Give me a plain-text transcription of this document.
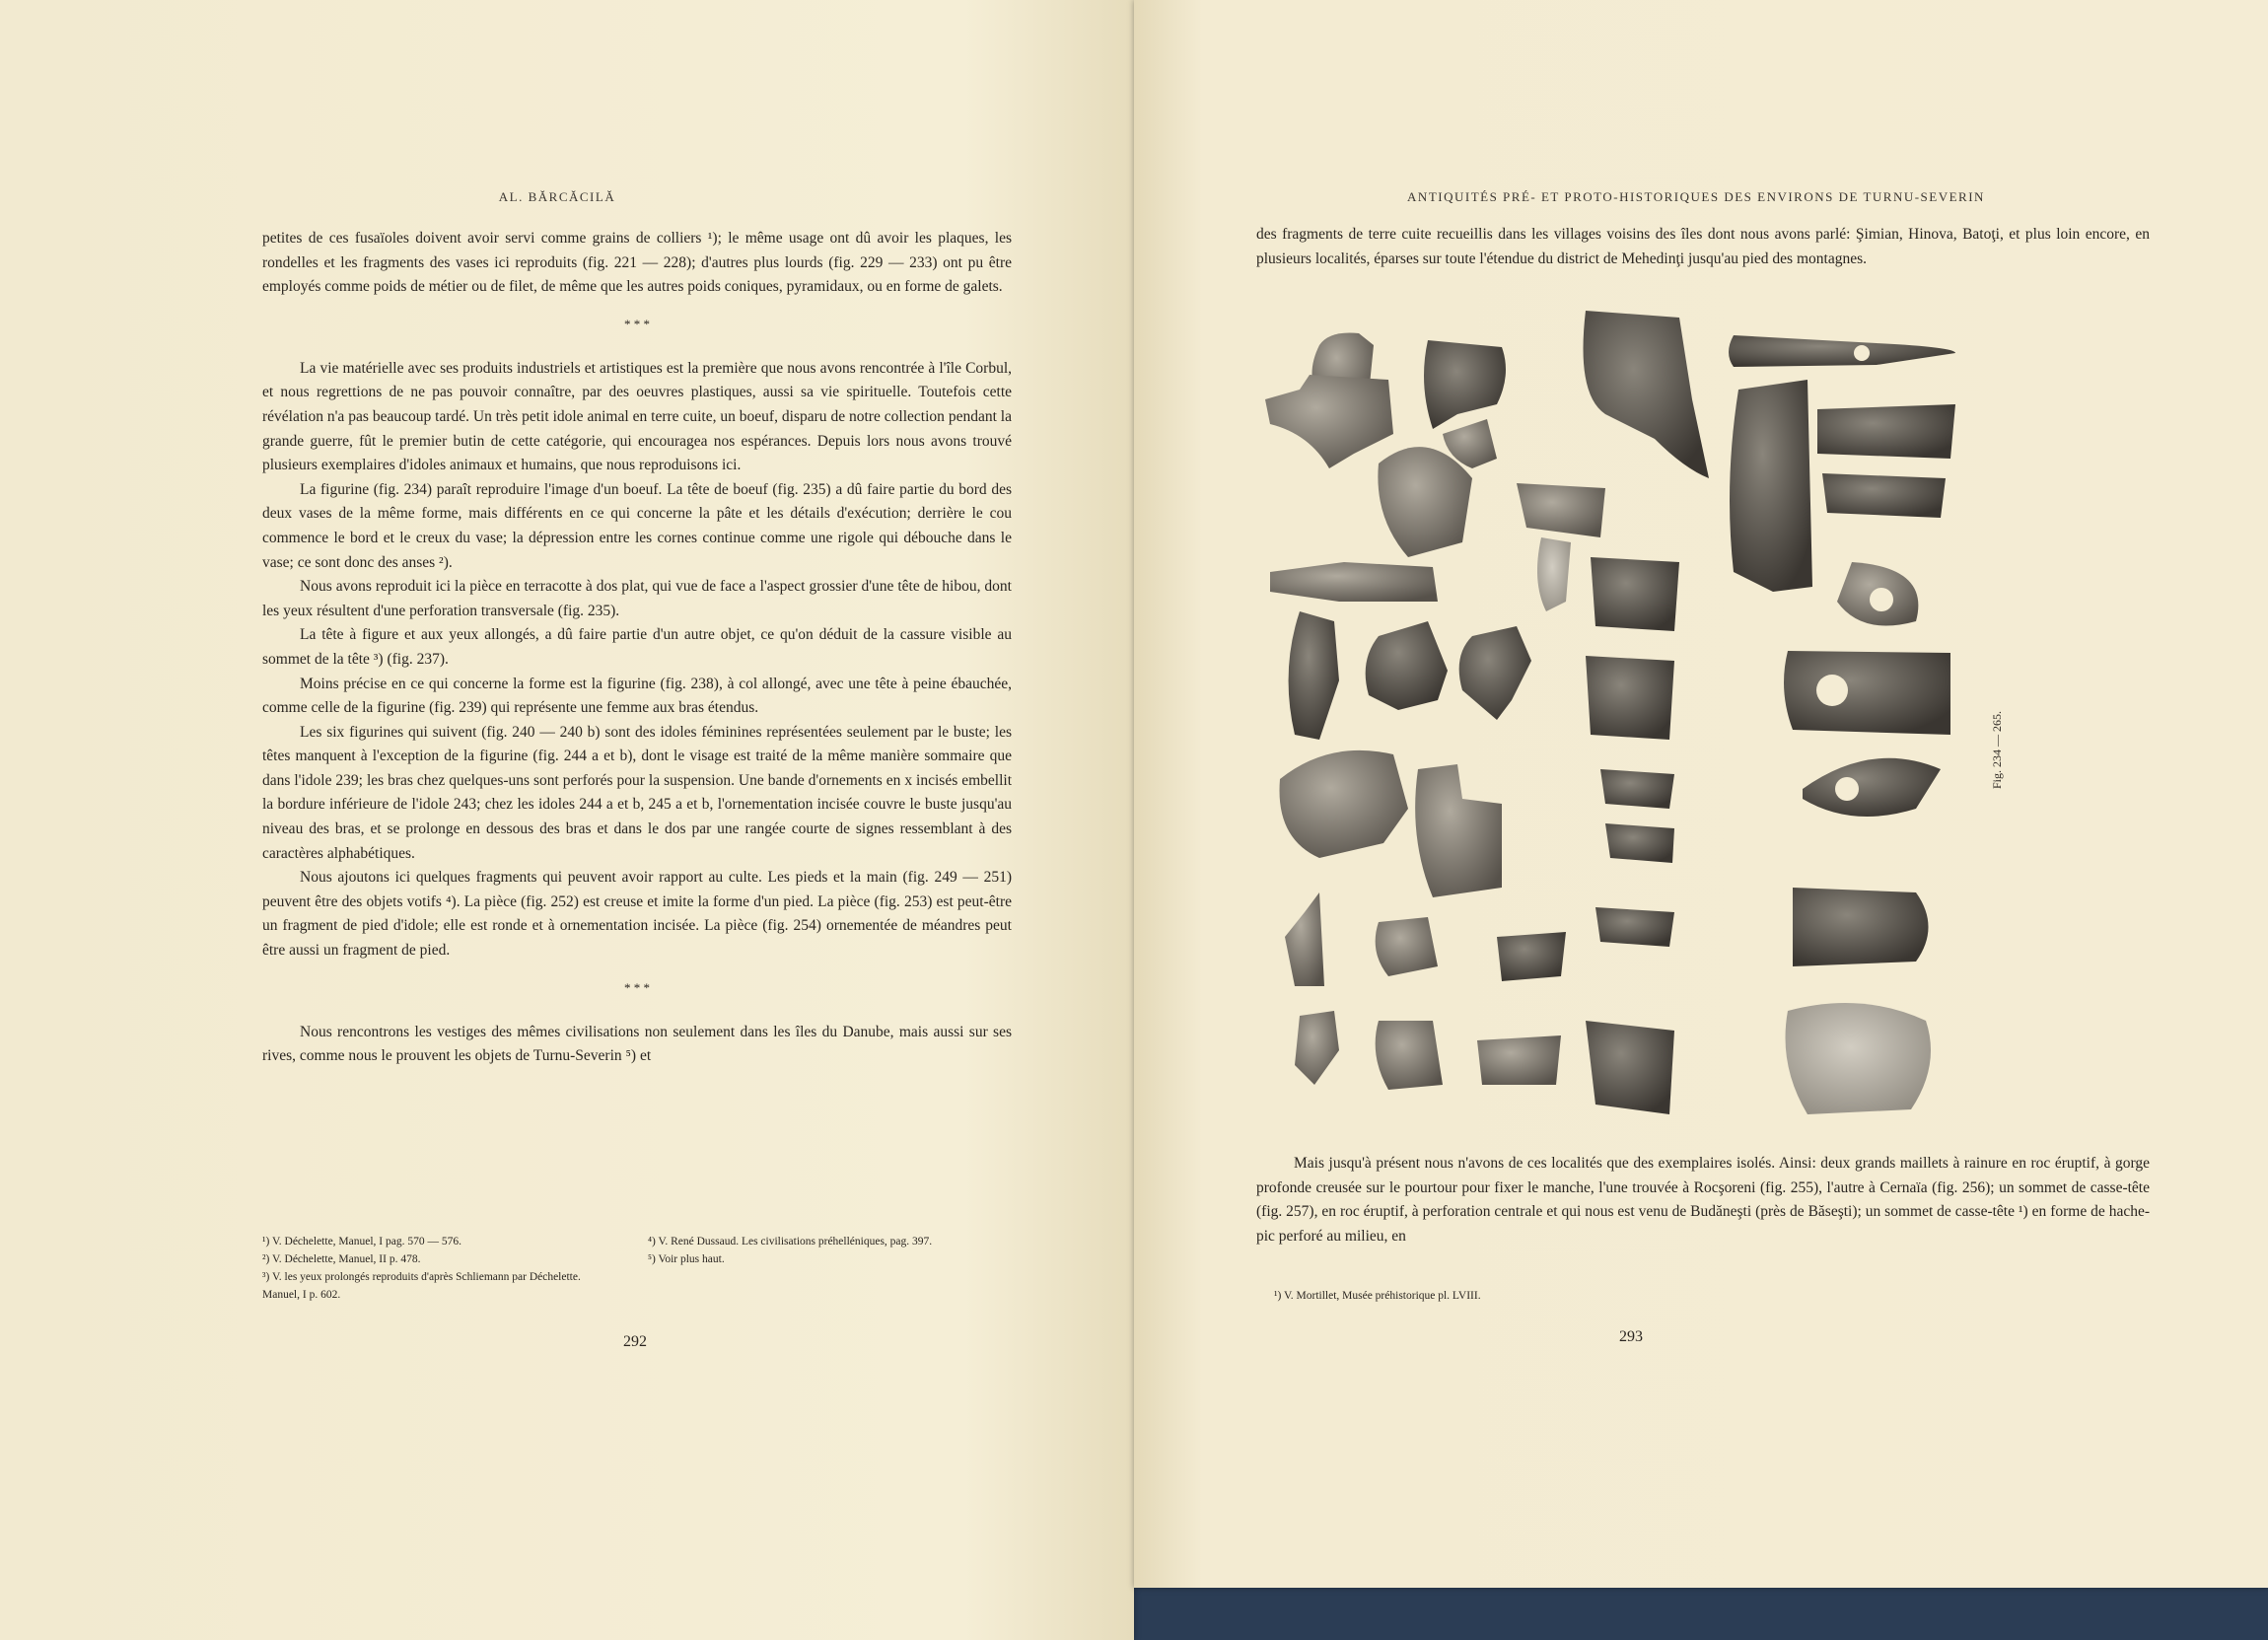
AL. BĂRCĂCILĂ

petites de ces fusaïoles doivent avoir servi comme grains de colliers ¹); le même usage ont dû avoir les plaques, les rondelles et les fragments des vases ici reproduits (fig. 221 — 228); d'autres plus lourds (fig. 229 — 233) ont pu être employés comme poids de métier ou de filet, de même que les autres poids coniques, pyramidaux, ou en forme de galets.

* * *

La vie matérielle avec ses produits industriels et artistiques est la première que nous avons rencontrée à l'île Corbul, et nous regrettions de ne pas pouvoir connaître, par des oeuvres plastiques, aussi sa vie spirituelle. Toutefois cette révélation n'a pas beaucoup tardé. Un très petit idole animal en terre cuite, un boeuf, disparu de notre collection pendant la grande guerre, fût le premier butin de cette catégorie, qui encouragea nos espérances. Depuis lors nous avons trouvé plusieurs exemplaires d'idoles animaux et humains, que nous reproduisons ici.

La figurine (fig. 234) paraît reproduire l'image d'un boeuf. La tête de boeuf (fig. 235) a dû faire partie du bord des deux vases de la même forme, mais différents en ce qui concerne la pâte et les détails d'exécution; derrière le cou commence le bord et le creux du vase; la dépression entre les cornes continue comme une rigole qui débouche dans le vase; ce sont donc des anses ²).

Nous avons reproduit ici la pièce en terracotte à dos plat, qui vue de face a l'aspect grossier d'une tête de hibou, dont les yeux résultent d'une perforation transversale (fig. 235).

La tête à figure et aux yeux allongés, a dû faire partie d'un autre objet, ce qu'on déduit de la cassure visible au sommet de la tête ³) (fig. 237).

Moins précise en ce qui concerne la forme est la figurine (fig. 238), à col allongé, avec une tête à peine ébauchée, comme celle de la figurine (fig. 239) qui représente une femme aux bras étendus.

Les six figurines qui suivent (fig. 240 — 240 b) sont des idoles féminines représentées seulement par le buste; les têtes manquent à l'exception de la figurine (fig. 244 a et b), dont le visage est traité de la même manière sommaire que dans l'idole 239; les bras chez quelques-uns sont perforés pour la suspension. Une bande d'ornements en x incisés embellit la bordure inférieure de l'idole 243; chez les idoles 244 a et b, 245 a et b, l'ornementation incisée couvre le buste jusqu'au niveau des bras, et se prolonge en dessous des bras et dans le dos par une rangée courte de signes ressemblant à des caractères alphabétiques.

Nous ajoutons ici quelques fragments qui peuvent avoir rapport au culte. Les pieds et la main (fig. 249 — 251) peuvent être des objets votifs ⁴). La pièce (fig. 252) est creuse et imite la forme d'un pied. La pièce (fig. 253) est peut-être un fragment de pied d'idole; elle est ronde et à ornementation incisée. La pièce (fig. 254) ornementée de méandres peut être aussi un fragment de pied.

* * *

Nous rencontrons les vestiges des mêmes civilisations non seulement dans les îles du Danube, mais aussi sur ses rives, comme nous le prouvent les objets de Turnu-Severin ⁵) et

¹) V. Déchelette, Manuel, I pag. 570 — 576.
²) V. Déchelette, Manuel, II p. 478.
³) V. les yeux prolongés reproduits d'après Schliemann par Déchelette. Manuel, I p. 602.
⁴) V. René Dussaud. Les civilisations préhelléniques, pag. 397.
⁵) Voir plus haut.
292
ANTIQUITÉS PRÉ- ET PROTO-HISTORIQUES DES ENVIRONS DE TURNU-SEVERIN

des fragments de terre cuite recueillis dans les villages voisins des îles dont nous avons parlé: Şimian, Hinova, Batoţi, et plus loin encore, en plusieurs localités, éparses sur toute l'étendue du district de Mehedinţi jusqu'au pied des montagnes.

Mais jusqu'à présent nous n'avons de ces localités que des exemplaires isolés. Ainsi: deux grands maillets à rainure en roc éruptif, à gorge profonde creusée sur le pourtour pour fixer le manche, l'une trouvée à Rocşoreni (fig. 255), l'autre à Cernaïa (fig. 256); un sommet de casse-tête (fig. 257), en roc éruptif, à perforation centrale et qui nous est venu de Budăneşti (près de Băseşti); un sommet de casse-tête ¹) en forme de hache-pic perforé au milieu, en

¹) V. Mortillet, Musée préhistorique pl. LVIII.
293
Fig. 234 — 265.
